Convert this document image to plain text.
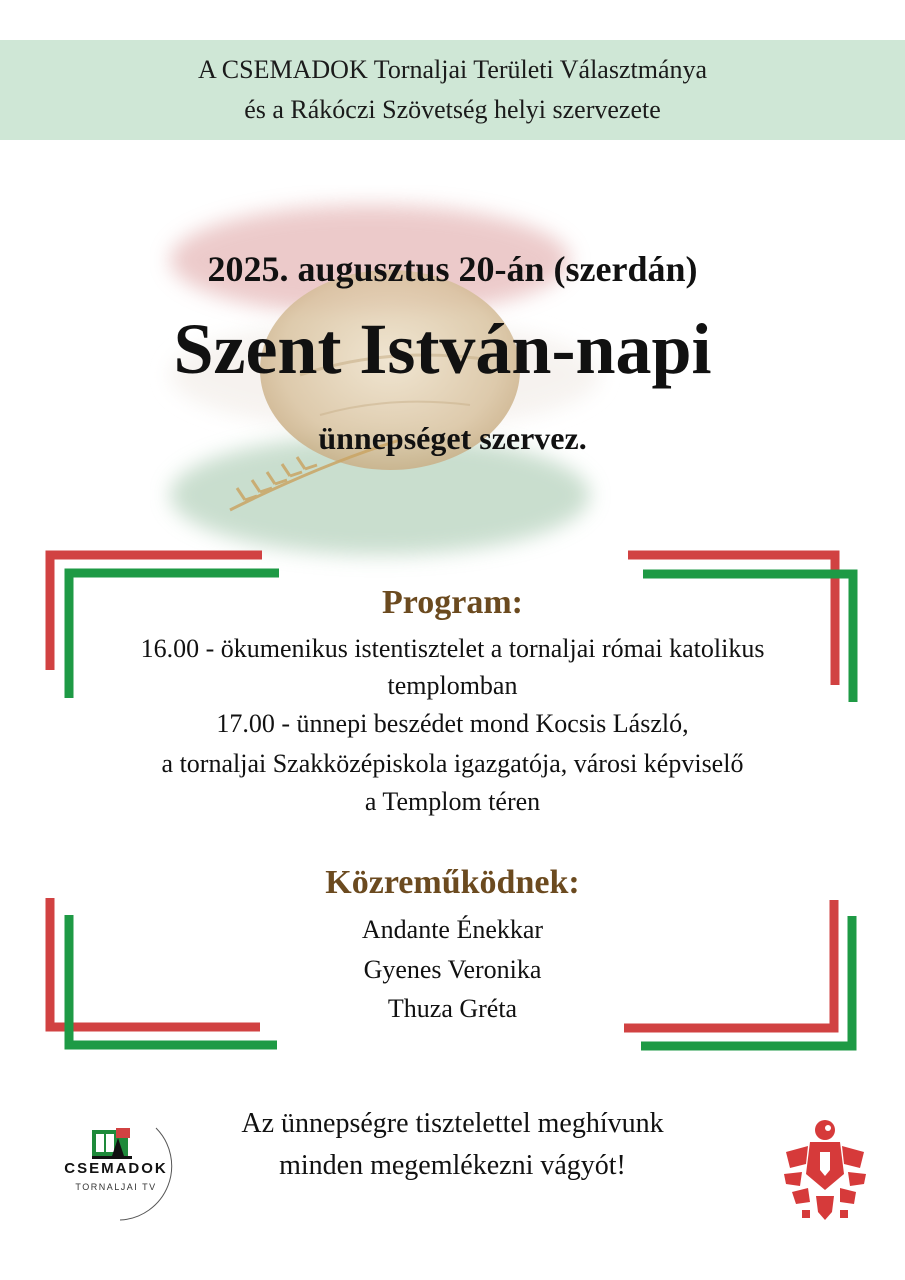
A CSEMADOK Tornaljai Területi Választmánya
és a Rákóczi Szövetség helyi szervezete
2025. augusztus 20-án (szerdán)
Szent István-napi
ünnepséget szervez.
Program:
16.00 - ökumenikus istentisztelet a tornaljai római katolikus
templomban
17.00 - ünnepi beszédet mond Kocsis László,
a tornaljai Szakközépiskola igazgatója, városi képviselő
a Templom téren
Közreműködnek:
Andante Énekkar
Gyenes Veronika
Thuza Gréta
Az ünnepségre tisztelettel meghívunk
minden megemlékezni vágyót!
CSEMADOK
TORNALJAI TV
